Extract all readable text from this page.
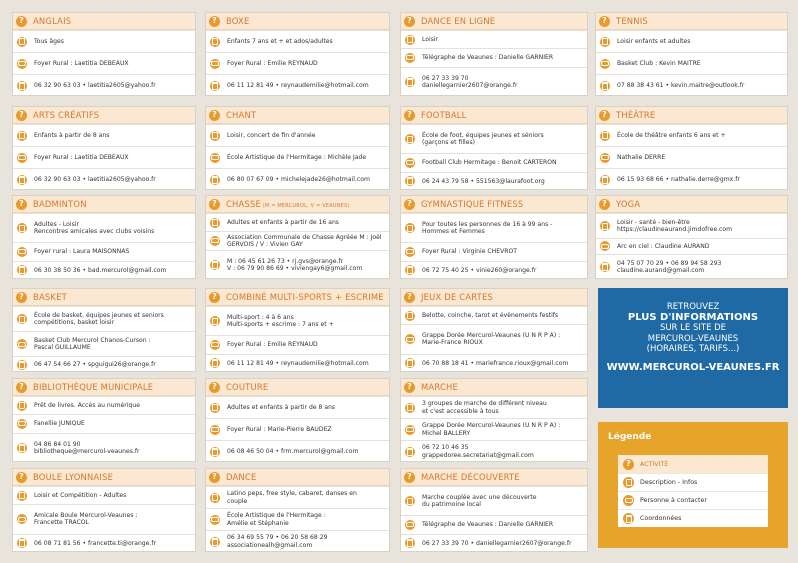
?
ANGLAIS
Tous âges
Foyer Rural : Laetitia DEBEAUX
06 32 90 63 03 • laetitia2605@yahoo.fr
?
BOXE
Enfants 7 ans et + et ados/adultes
Foyer Rural : Emilie REYNAUD
06 11 12 81 49 • reynaudemilie@hotmail.com
?
DANCE EN LIGNE
Loisir
Télégraphe de Veaunes : Danielle GARNIER
06 27 33 39 70
daniellegarnier2607@orange.fr
?
TENNIS
Loisir enfants et adultes
Basket Club : Kevin MAITRE
07 88 38 43 61 • kevin.maitre@outlook.fr
?
ARTS CRÉATIFS
Enfants à partir de 8 ans
Foyer Rural : Laetitia DEBEAUX
06 32 90 63 03 • laetitia2605@yahoo.fr
?
CHANT
Loisir, concert de fin d'année
École Artistique de l'Hermitage : Michèle Jade
06 80 07 67 09 • michelejade26@hotmail.com
?
FOOTBALL
École de foot, équipes jeunes et séniors
(garçons et filles)
Football Club Hermitage : Benoit CARTERON
06 24 43 79 58 • 551563@laurafoot.org
?
THÉÂTRE
École de théâtre enfants 6 ans et +
Nathalie DERRE
06 15 93 68 66 • nathalie.derre@gmx.fr
?
BADMINTON
Adultes - Loisir
Rencontres amicales avec clubs voisins
Foyer rural : Laura MAISONNAS
06 30 38 50 36 • bad.mercurol@gmail.com
?
CHASSE (M = MERCUROL, V = VEAUNES)
Adultes et enfants à partir de 16 ans
Association Communale de Chasse Agréée M : Joël GERVOIS / V : Vivien GAY
M : 06 45 61 26 73 • rj.gvs@orange.fr
V : 06 79 90 86 69 • viviengay6@gmail.com
?
GYMNASTIQUE FITNESS
Pour toutes les personnes de 16 à 99 ans -
Hommes et Femmes
Foyer Rural : Virginie CHEVROT
06 72 75 40 25 • vinie260@orange.fr
?
YOGA
Loisir - santé - bien-être
https://claudineaurand.jimdofree.com
Arc en ciel : Claudine AURAND
04 75 07 70 29 • 06 89 94 58 293
claudine.aurand@gmail.com
?
BASKET
École de basket, équipes jeunes et seniors
compétitions, basket loisir
Basket Club Mercurol Chanos-Curson :
Pascal GUILLAUME
06 47 54 66 27 • spguigui26@orange.fr
?
COMBINÉ MULTI-SPORTS + ESCRIME
Multi-sport : 4 à 6 ans
Multi-sports + escrime : 7 ans et +
Foyer Rural : Emilie REYNAUD
06 11 12 81 49 • reynaudemilie@hotmail.com
?
JEUX DE CARTES
Belotte, coinche, tarot et évènements festifs
Grappe Dorée Mercurol-Veaunes (U N R P A) :
Marie-France RIOUX
06 70 88 18 41 • mariefrance.rioux@gmail.com
?
BIBLIOTHÈQUE MUNICIPALE
Prêt de livres. Accès au numérique
Fanellie JUNIQUE
04 86 84 01 90
bibliotheque@mercurol-veaunes.fr
?
COUTURE
Adultes et enfants à partir de 8 ans
Foyer Rural : Marie-Pierre BAUDEZ
06 08 46 50 04 • frm.mercurol@gmail.com
?
MARCHE
3 groupes de marche de différent niveau
et c'est accessible à tous
Grappe Dorée Mercurol-Veaunes (U N R P A) :
Michel BALLERY
06 72 10 46 35
grappedoree.secretariat@gmail.com
?
BOULE LYONNAISE
Loisir et Compétition - Adultes
Amicale Boule Mercurol-Veaunes :
Francette TRACOL
06 08 71 81 56 • francette.ti@orange.fr
?
DANCE
Latino peps, free style, cabaret, danses en
couple
École Artistique de l'Hermitage :
Amélie et Stéphanie
06 34 69 55 79 • 06 20 58 68 29
associationealh@gmail.com
?
MARCHE DÉCOUVERTE
Marche couplée avec une découverte
du patrimoine local
Télégraphe de Veaunes : Danielle GARNIER
06 27 33 39 70 • daniellegarnier2607@orange.fr
RETROUVEZ
PLUS D'INFORMATIONS
SUR LE SITE DE
MERCUROL-VEAUNES
(HORAIRES, TARIFS...)
WWW.MERCUROL-VEAUNES.FR
Légende
?
ACTIVITÉ
Description - Infos
Personne à contacter
Coordonnées
